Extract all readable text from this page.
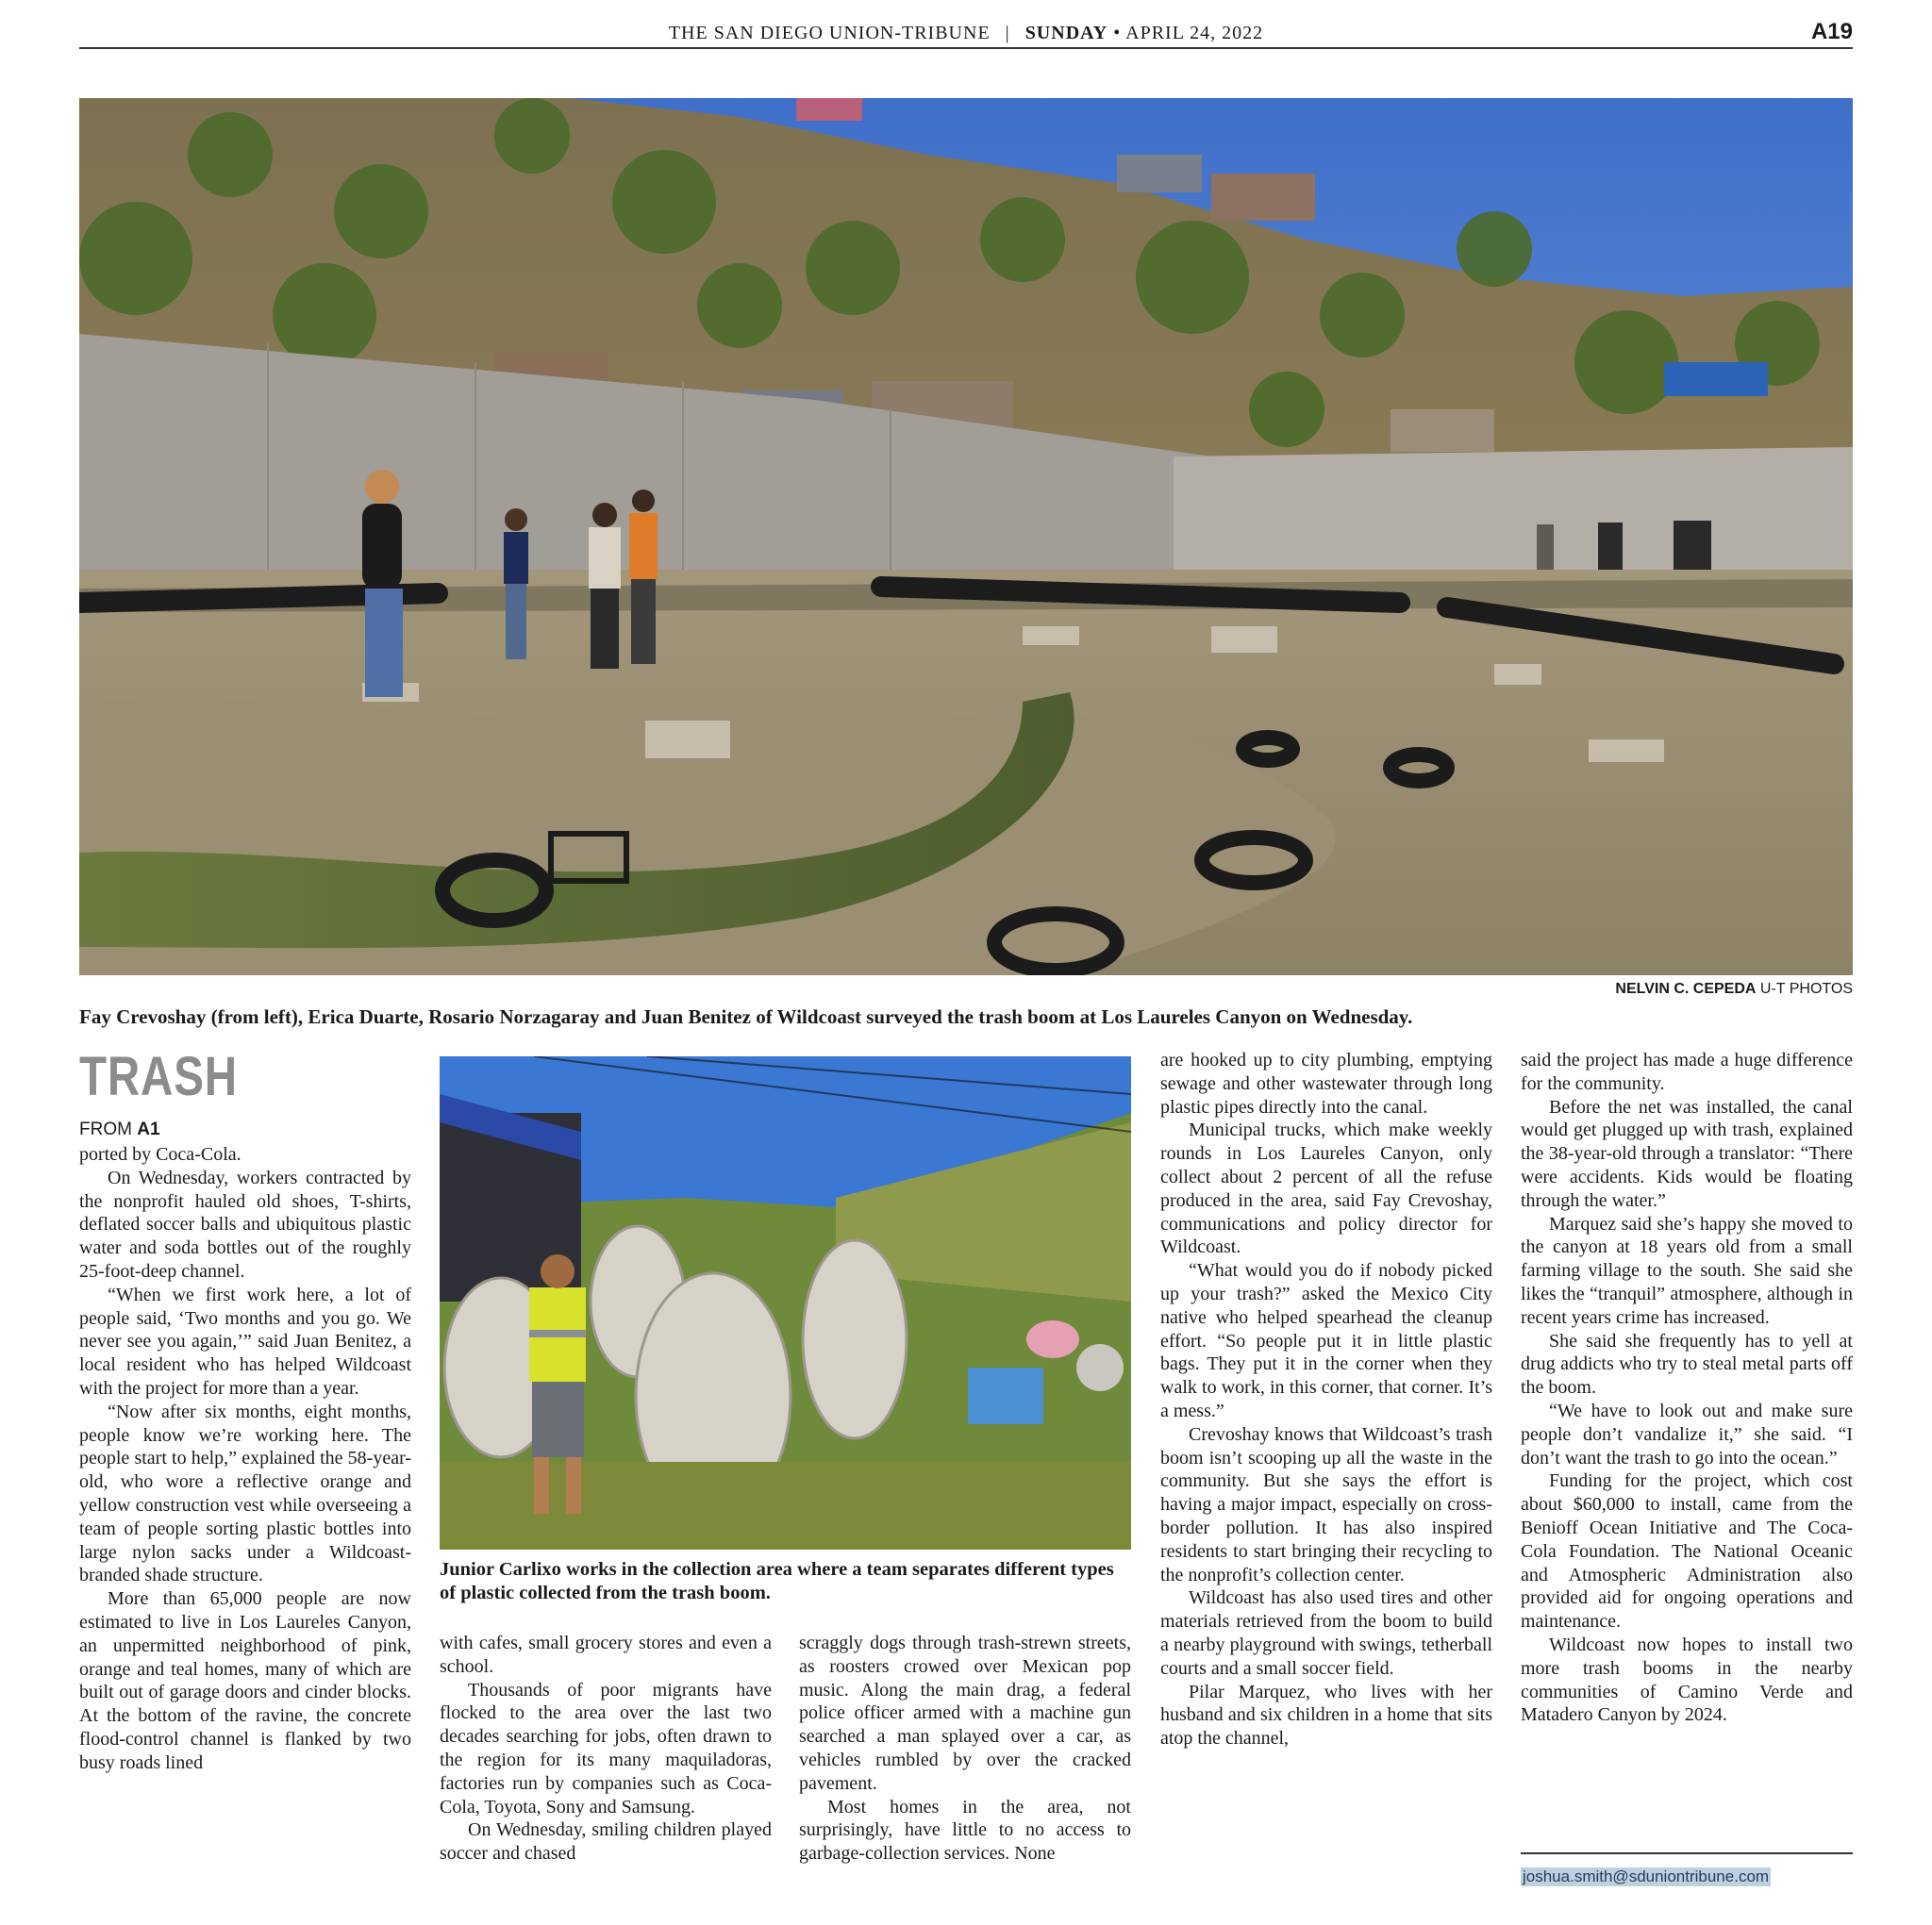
THE SAN DIEGO UNION-TRIBUNE | SUNDAY • APRIL 24, 2022	A19
NELVIN C. CEPEDA U-T PHOTOS
Fay Crevoshay (from left), Erica Duarte, Rosario Norzagaray and Juan Benitez of Wildcoast surveyed the trash boom at Los Laureles Canyon on Wednesday.
TRASH
FROM A1

ported by Coca-Cola.

On Wednesday, workers contracted by the nonprofit hauled old shoes, T-shirts, deflated soccer balls and ubiquitous plastic water and soda bottles out of the roughly 25-foot-deep channel.

“When we first work here, a lot of people said, ‘Two months and you go. We never see you again,’” said Juan Benitez, a local resident who has helped Wildcoast with the project for more than a year.

“Now after six months, eight months, people know we’re working here. The people start to help,” explained the 58-year-old, who wore a reflective orange and yellow construction vest while overseeing a team of people sorting plastic bottles into large nylon sacks under a Wildcoast-branded shade structure.

More than 65,000 people are now estimated to live in Los Laureles Canyon, an unpermitted neighborhood of pink, orange and teal homes, many of which are built out of garage doors and cinder blocks. At the bottom of the ravine, the concrete flood-control channel is flanked by two busy roads lined

Junior Carlixo works in the collection area where a team separates different types of plastic collected from the trash boom.

with cafes, small grocery stores and even a school.

Thousands of poor migrants have flocked to the area over the last two decades searching for jobs, often drawn to the region for its many maquiladoras, factories run by companies such as Coca-Cola, Toyota, Sony and Samsung.

On Wednesday, smiling children played soccer and chased

scraggly dogs through trash-strewn streets, as roosters crowed over Mexican pop music. Along the main drag, a federal police officer armed with a machine gun searched a man splayed over a car, as vehicles rumbled by over the cracked pavement.

Most homes in the area, not surprisingly, have little to no access to garbage-collection services. None

are hooked up to city plumbing, emptying sewage and other wastewater through long plastic pipes directly into the canal.

Municipal trucks, which make weekly rounds in Los Laureles Canyon, only collect about 2 percent of all the refuse produced in the area, said Fay Crevoshay, communications and policy director for Wildcoast.

“What would you do if nobody picked up your trash?” asked the Mexico City native who helped spearhead the cleanup effort. “So people put it in little plastic bags. They put it in the corner when they walk to work, in this corner, that corner. It’s a mess.”

Crevoshay knows that Wildcoast’s trash boom isn’t scooping up all the waste in the community. But she says the effort is having a major impact, especially on cross-border pollution. It has also inspired residents to start bringing their recycling to the nonprofit’s collection center.

Wildcoast has also used tires and other materials retrieved from the boom to build a nearby playground with swings, tetherball courts and a small soccer field.

Pilar Marquez, who lives with her husband and six children in a home that sits atop the channel,

said the project has made a huge difference for the community.

Before the net was installed, the canal would get plugged up with trash, explained the 38-year-old through a translator: “There were accidents. Kids would be floating through the water.”

Marquez said she’s happy she moved to the canyon at 18 years old from a small farming village to the south. She said she likes the “tranquil” atmosphere, although in recent years crime has increased.

She said she frequently has to yell at drug addicts who try to steal metal parts off the boom.

“We have to look out and make sure people don’t vandalize it,” she said. “I don’t want the trash to go into the ocean.”

Funding for the project, which cost about $60,000 to install, came from the Benioff Ocean Initiative and The Coca-Cola Foundation. The National Oceanic and Atmospheric Administration also provided aid for ongoing operations and maintenance.

Wildcoast now hopes to install two more trash booms in the nearby communities of Camino Verde and Matadero Canyon by 2024.

joshua.smith@sduniontribune.com
